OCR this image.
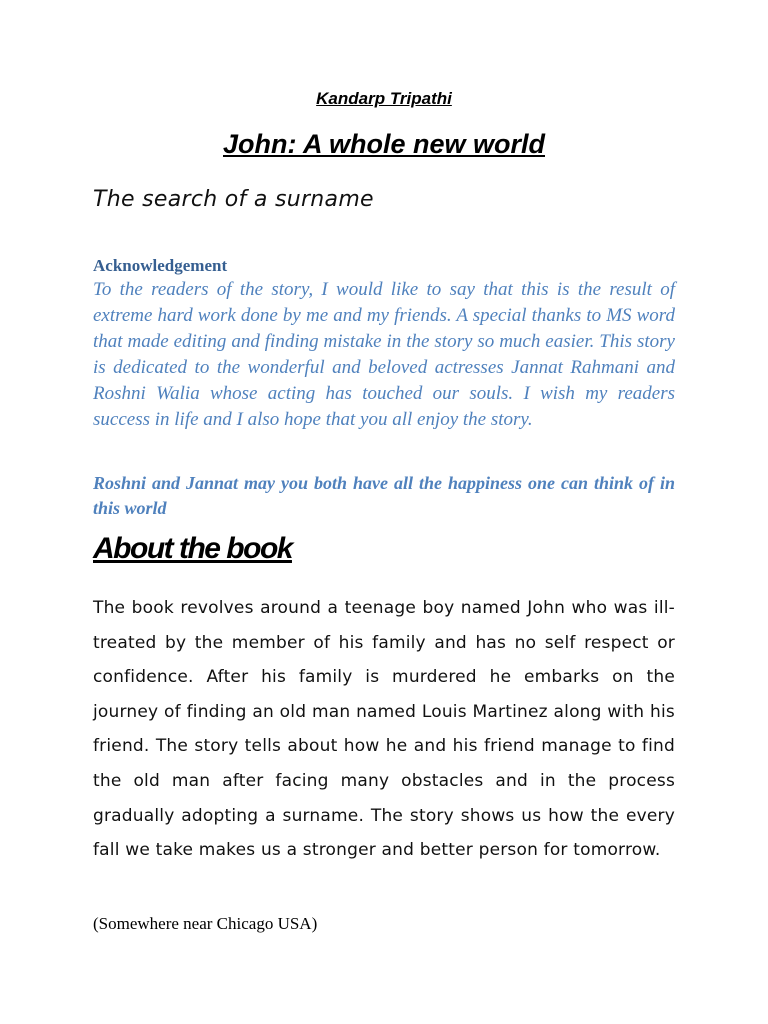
Kandarp Tripathi
John: A whole new world
The search of a surname
Acknowledgement
To the readers of the story, I would like to say that this is the result of extreme hard work done by me and my friends. A special thanks to MS word that made editing and finding mistake in the story so much easier. This story is dedicated to the wonderful and beloved actresses Jannat Rahmani and Roshni Walia whose acting has touched our souls. I wish my readers success in life and I also hope that you all enjoy the story.
Roshni and Jannat may you both have all the happiness one can think of in this world
About the book
The book revolves around a teenage boy named John who was ill-treated by the member of his family and has no self respect or confidence. After his family is murdered he embarks on the journey of finding an old man named Louis Martinez along with his friend. The story tells about how he and his friend manage to find the old man after facing many obstacles and in the process gradually adopting a surname. The story shows us how the every fall we take makes us a stronger and better person for tomorrow.
(Somewhere near Chicago USA)
